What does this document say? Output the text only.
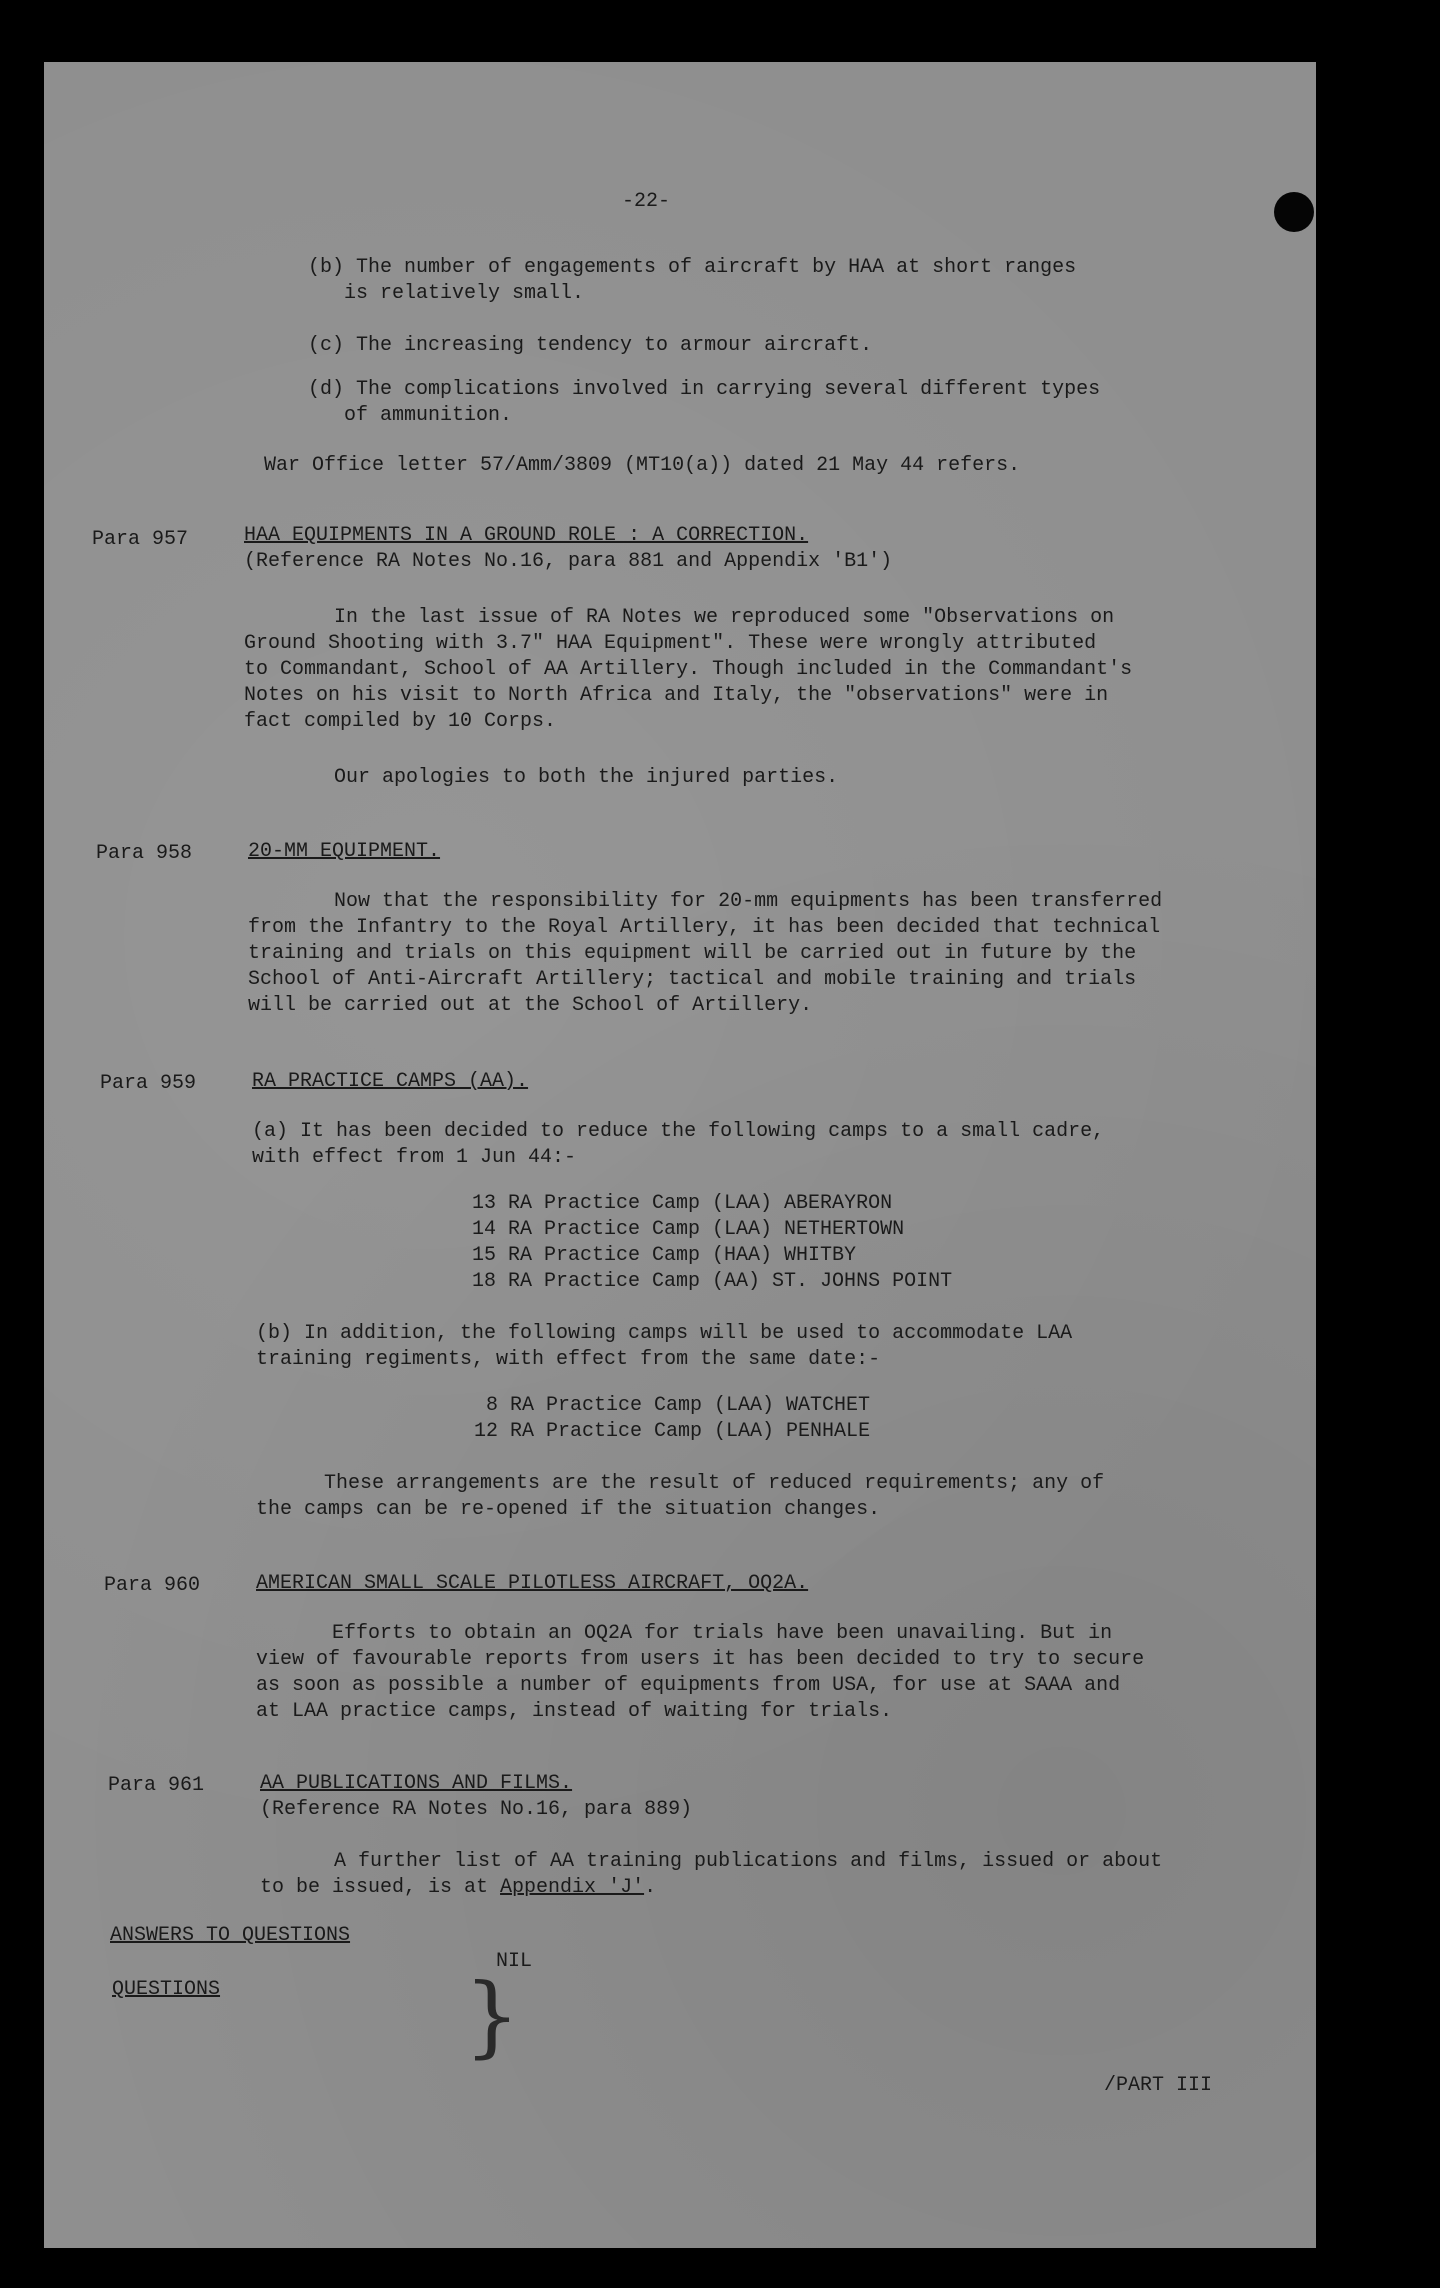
-22-
(b) The number of engagements of aircraft by HAA at short ranges
is relatively small.
(c) The increasing tendency to armour aircraft.
(d) The complications involved in carrying several different types
of ammunition.
War Office letter 57/Amm/3809 (MT10(a)) dated 21 May 44 refers.
Para 957	HAA EQUIPMENTS IN A GROUND ROLE : A CORRECTION.
(Reference RA Notes No.16, para 881 and Appendix 'B1')
In the last issue of RA Notes we reproduced some "Observations on
Ground Shooting with 3.7" HAA Equipment". These were wrongly attributed
to Commandant, School of AA Artillery. Though included in the Commandant's
Notes on his visit to North Africa and Italy, the "observations" were in
fact compiled by 10 Corps.
Our apologies to both the injured parties.
Para 958	20-MM EQUIPMENT.
Now that the responsibility for 20-mm equipments has been transferred
from the Infantry to the Royal Artillery, it has been decided that technical
training and trials on this equipment will be carried out in future by the
School of Anti-Aircraft Artillery; tactical and mobile training and trials
will be carried out at the School of Artillery.
Para 959	RA PRACTICE CAMPS (AA).
(a) It has been decided to reduce the following camps to a small cadre,
with effect from 1 Jun 44:-
13 RA Practice Camp (LAA) ABERAYRON
14 RA Practice Camp (LAA) NETHERTOWN
15 RA Practice Camp (HAA) WHITBY
18 RA Practice Camp (AA) ST. JOHNS POINT
(b) In addition, the following camps will be used to accommodate LAA
training regiments, with effect from the same date:-
8 RA Practice Camp (LAA) WATCHET
12 RA Practice Camp (LAA) PENHALE
These arrangements are the result of reduced requirements; any of
the camps can be re-opened if the situation changes.
Para 960	AMERICAN SMALL SCALE PILOTLESS AIRCRAFT, OQ2A.
Efforts to obtain an OQ2A for trials have been unavailing. But in
view of favourable reports from users it has been decided to try to secure
as soon as possible a number of equipments from USA, for use at SAAA and
at LAA practice camps, instead of waiting for trials.
Para 961	AA PUBLICATIONS AND FILMS.
(Reference RA Notes No.16, para 889)
A further list of AA training publications and films, issued or about
to be issued, is at Appendix 'J'.
ANSWERS TO QUESTIONS
QUESTIONS	}
NIL
/PART III
